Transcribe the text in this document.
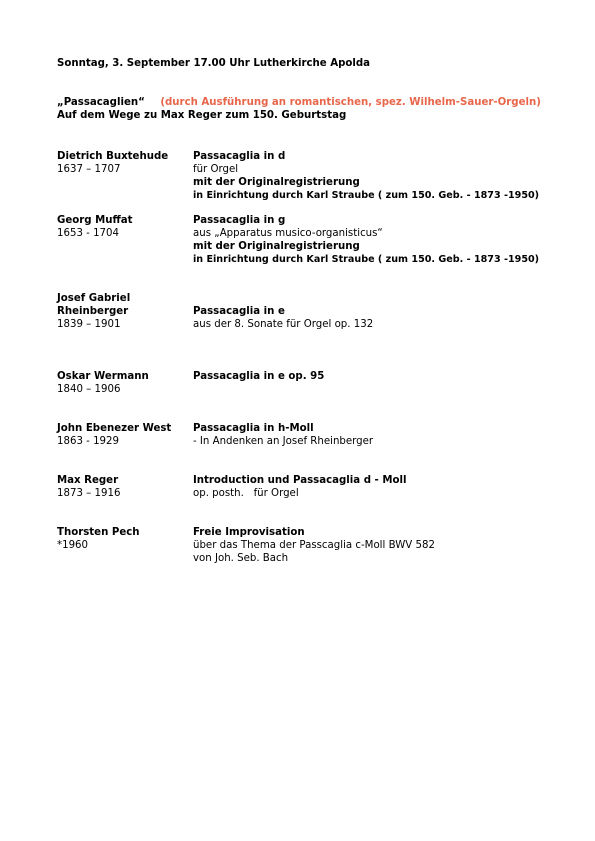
Sonntag, 3. September 17.00 Uhr Lutherkirche Apolda
„Passacaglien“ (durch Ausführung an romantischen, spez. Wilhelm-Sauer-Orgeln)
Auf dem Wege zu Max Reger zum 150. Geburtstag
Dietrich Buxtehude
1637 – 1707
Passacaglia in d
für Orgel
mit der Originalregistrierung
in Einrichtung durch Karl Straube ( zum 150. Geb. - 1873 -1950)
Georg Muffat
1653 - 1704
Passacaglia in g
aus „Apparatus musico-organisticus“
mit der Originalregistrierung
in Einrichtung durch Karl Straube ( zum 150. Geb. - 1873 -1950)
Josef Gabriel
Rheinberger
1839 – 1901
Passacaglia in e
aus der 8. Sonate für Orgel op. 132
Oskar Wermann
1840 – 1906
Passacaglia in e op. 95
John Ebenezer West
1863 - 1929
Passacaglia in h-Moll
- In Andenken an Josef Rheinberger
Max Reger
1873 – 1916
Introduction und Passacaglia d - Moll
op. posth.   für Orgel
Thorsten Pech
*1960
Freie Improvisation
über das Thema der Passcaglia c-Moll BWV 582
von Joh. Seb. Bach
